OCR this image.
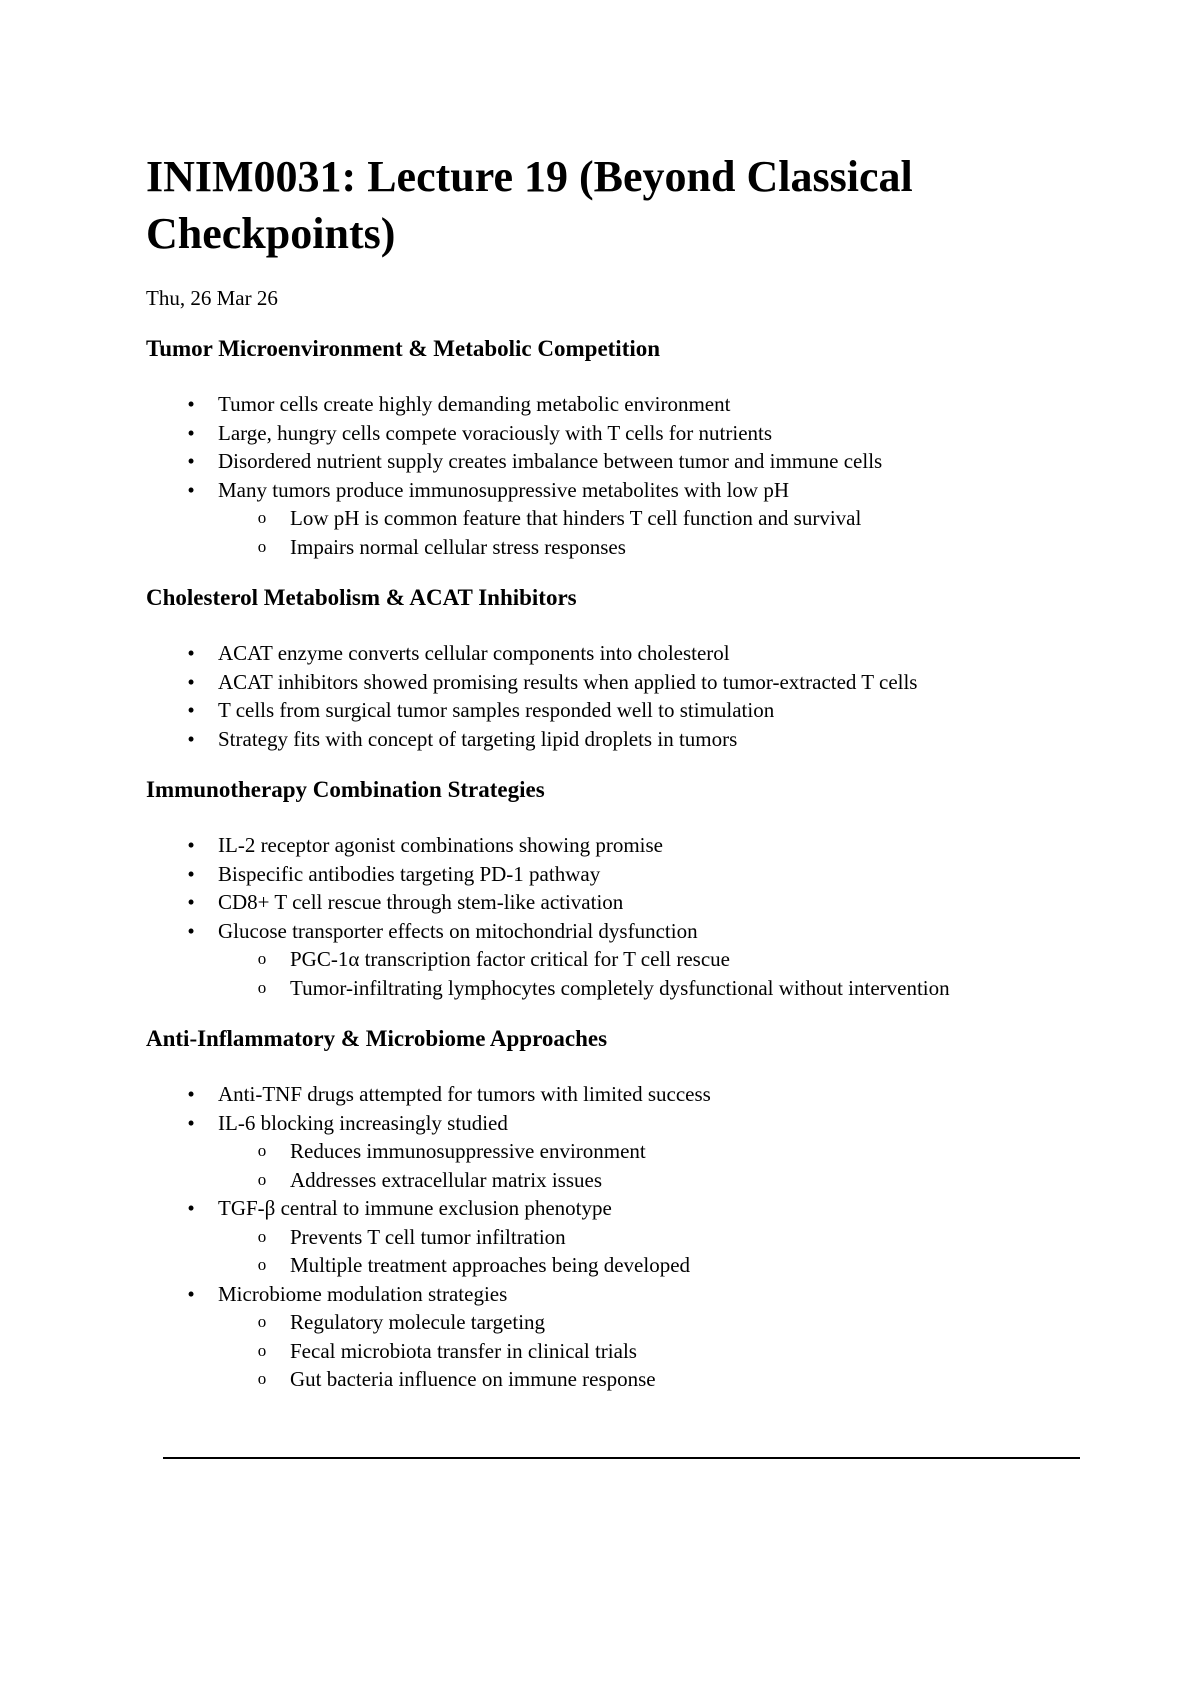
INIM0031: Lecture 19 (Beyond Classical Checkpoints)

Thu, 26 Mar 26

Tumor Microenvironment & Metabolic Competition
•	Tumor cells create highly demanding metabolic environment
•	Large, hungry cells compete voraciously with T cells for nutrients
•	Disordered nutrient supply creates imbalance between tumor and immune cells
•	Many tumors produce immunosuppressive metabolites with low pH
o Low pH is common feature that hinders T cell function and survival
o Impairs normal cellular stress responses
Cholesterol Metabolism & ACAT Inhibitors
•	ACAT enzyme converts cellular components into cholesterol
•	ACAT inhibitors showed promising results when applied to tumor-extracted T cells
•	T cells from surgical tumor samples responded well to stimulation
•	Strategy fits with concept of targeting lipid droplets in tumors
Immunotherapy Combination Strategies
•	IL-2 receptor agonist combinations showing promise
•	Bispecific antibodies targeting PD-1 pathway
•	CD8+ T cell rescue through stem-like activation
•	Glucose transporter effects on mitochondrial dysfunction
o PGC-1α transcription factor critical for T cell rescue
o Tumor-infiltrating lymphocytes completely dysfunctional without intervention
Anti-Inflammatory & Microbiome Approaches
•	Anti-TNF drugs attempted for tumors with limited success
•	IL-6 blocking increasingly studied
o Reduces immunosuppressive environment
o Addresses extracellular matrix issues
•	TGF-β central to immune exclusion phenotype
o Prevents T cell tumor infiltration
o Multiple treatment approaches being developed
•	Microbiome modulation strategies
o Regulatory molecule targeting
o Fecal microbiota transfer in clinical trials
o Gut bacteria influence on immune response
